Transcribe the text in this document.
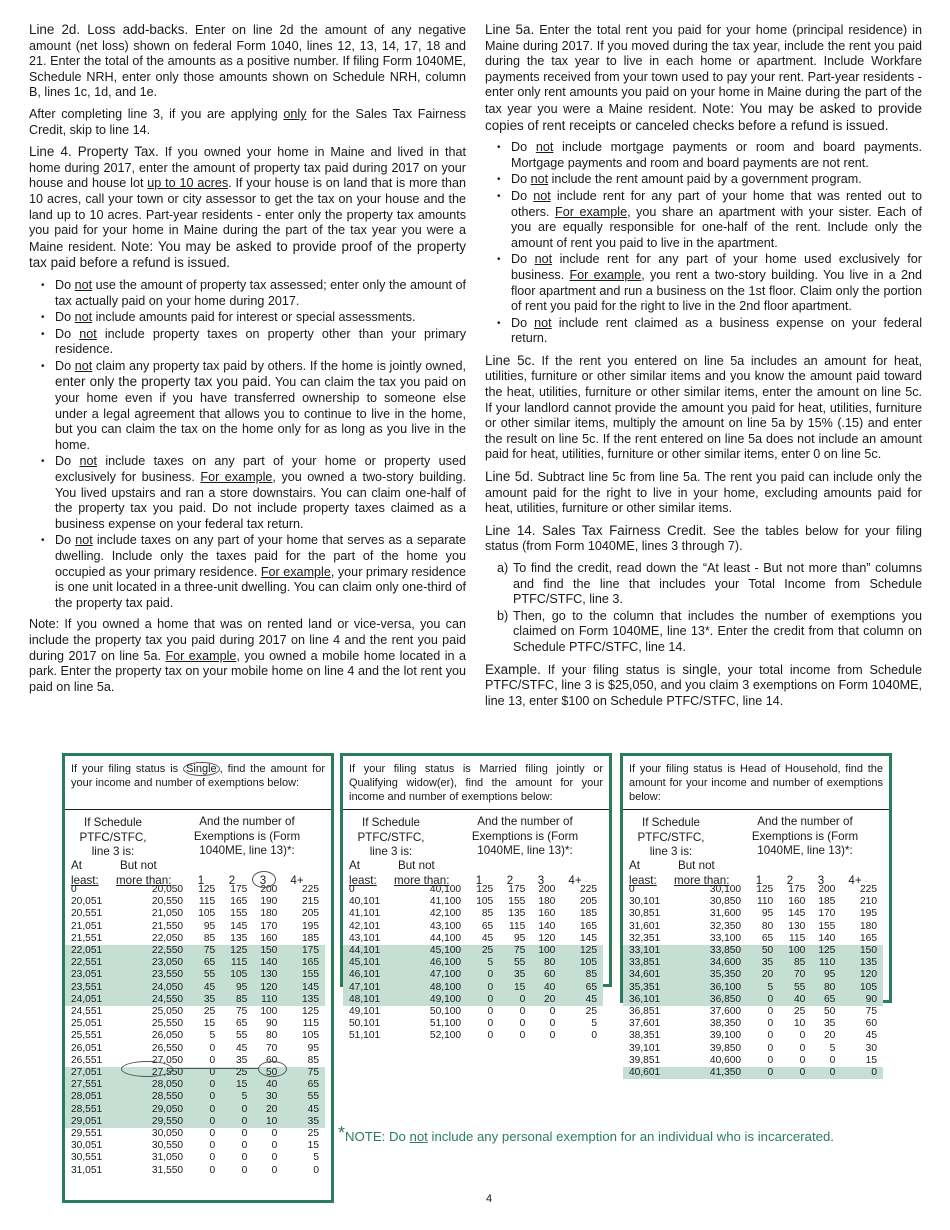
Line 2d. Loss add-backs. Enter on line 2d the amount of any negative amount (net loss) shown on federal Form 1040, lines 12, 13, 14, 17, 18 and 21. Enter the total of the amounts as a positive number. If filing Form 1040ME, Schedule NRH, enter only those amounts shown on Schedule NRH, column B, lines 1c, 1d, and 1e.

After completing line 3, if you are applying only for the Sales Tax Fairness Credit, skip to line 14.

Line 4. Property Tax. If you owned your home in Maine and lived in that home during 2017, enter the amount of property tax paid during 2017 on your house and house lot up to 10 acres. If your house is on land that is more than 10 acres, call your town or city assessor to get the tax on your house and the land up to 10 acres. Part-year residents - enter only the property tax amounts you paid for your home in Maine during the part of the tax year you were a Maine resident. Note: You may be asked to provide proof of the property tax paid before a refund is issued.

• Do not use the amount of property tax assessed; enter only the amount of tax actually paid on your home during 2017.
• Do not include amounts paid for interest or special assessments.
• Do not include property taxes on property other than your primary residence.
• Do not claim any property tax paid by others. If the home is jointly owned, enter only the property tax you paid. You can claim the tax you paid on your home even if you have transferred ownership to someone else under a legal agreement that allows you to continue to live in the home, but you can claim the tax on the home only for as long as you live in the home.
• Do not include taxes on any part of your home or property used exclusively for business. For example, you owned a two-story building. You lived upstairs and ran a store downstairs. You can claim one-half of the property tax you paid. Do not include property taxes claimed as a business expense on your federal tax return.
• Do not include taxes on any part of your home that serves as a separate dwelling. Include only the taxes paid for the part of the home you occupied as your primary residence. For example, your primary residence is one unit located in a three-unit dwelling. You can claim only one-third of the property tax paid.

Note: If you owned a home that was on rented land or vice-versa, you can include the property tax you paid during 2017 on line 4 and the rent you paid during 2017 on line 5a. For example, you owned a mobile home located in a park. Enter the property tax on your mobile home on line 4 and the lot rent you paid on line 5a.

Line 5a. Enter the total rent you paid for your home (principal residence) in Maine during 2017. If you moved during the tax year, include the rent you paid during the tax year to live in each home or apartment. Include Workfare payments received from your town used to pay your rent. Part-year residents - enter only rent amounts you paid on your home in Maine during the part of the tax year you were a Maine resident. Note: You may be asked to provide copies of rent receipts or canceled checks before a refund is issued.

• Do not include mortgage payments or room and board payments. Mortgage payments and room and board payments are not rent.
• Do not include the rent amount paid by a government program.
• Do not include rent for any part of your home that was rented out to others. For example, you share an apartment with your sister. Each of you are equally responsible for one-half of the rent. Include only the amount of rent you paid to live in the apartment.
• Do not include rent for any part of your home used exclusively for business. For example, you rent a two-story building. You live in a 2nd floor apartment and run a business on the 1st floor. Claim only the portion of rent you paid for the right to live in the 2nd floor apartment.
• Do not include rent claimed as a business expense on your federal return.

Line 5c. If the rent you entered on line 5a includes an amount for heat, utilities, furniture or other similar items and you know the amount paid toward the heat, utilities, furniture or other similar items, enter the amount on line 5c. If your landlord cannot provide the amount you paid for heat, utilities, furniture or other similar items, multiply the amount on line 5a by 15% (.15) and enter the result on line 5c. If the rent entered on line 5a does not include an amount paid for heat, utilities, furniture or other similar items, enter 0 on line 5c.

Line 5d. Subtract line 5c from line 5a. The rent you paid can include only the amount paid for the right to live in your home, excluding amounts paid for heat, utilities, furniture or other similar items.

Line 14. Sales Tax Fairness Credit. See the tables below for your filing status (from Form 1040ME, lines 3 through 7).

a) To find the credit, read down the “At least - But not more than” columns and find the line that includes your Total Income from Schedule PTFC/STFC, line 3.
b) Then, go to the column that includes the number of exemptions you claimed on Form 1040ME, line 13*. Enter the credit from that column on Schedule PTFC/STFC, line 14.

Example. If your filing status is single, your total income from Schedule PTFC/STFC, line 3 is $25,050, and you claim 3 exemptions on Form 1040ME, line 13, enter $100 on Schedule PTFC/STFC, line 14.

If your filing status is Single , find the amount for your income and number of exemptions below:
If Schedule
PTFC/STFC,
line 3 is:
And the number of
Exemptions is (Form
1040ME, line 13)*:
At
least:
But not
more than:	1	2	3	4+
0	20,050	125	175	200	225
20,051	20,550	115	165	190	215
20,551	21,050	105	155	180	205
21,051	21,550	95	145	170	195
21,551	22,050	85	135	160	185
22,051	22,550	75	125	150	175
22,551	23,050	65	115	140	165
23,051	23,550	55	105	130	155
23,551	24,050	45	95	120	145
24,051	24,550	35	85	110	135
24,551	25,050	25	75	100	125
25,051	25,550	15	65	90	115
25,551	26,050	5	55	80	105
26,051	26,550	0	45	70	95
26,551	27,050	0	35	60	85
27,051	27,550	0	25	50	75
27,551	28,050	0	15	40	65
28,051	28,550	0	5	30	55
28,551	29,050	0	0	20	45
29,051	29,550	0	0	10	35
29,551	30,050	0	0	0	25
30,051	30,550	0	0	0	15
30,551	31,050	0	0	0	5
31,051	31,550	0	0	0	0
If your filing status is Married filing jointly or Qualifying widow(er), find the amount for your income and number of exemptions below:
If Schedule
PTFC/STFC,
line 3 is:
And the number of
Exemptions is (Form
1040ME, line 13)*:
At
least:
But not
more than:	1	2	3	4+
0	40,100	125	175	200	225
40,101	41,100	105	155	180	205
41,101	42,100	85	135	160	185
42,101	43,100	65	115	140	165
43,101	44,100	45	95	120	145
44,101	45,100	25	75	100	125
45,101	46,100	5	55	80	105
46,101	47,100	0	35	60	85
47,101	48,100	0	15	40	65
48,101	49,100	0	0	20	45
49,101	50,100	0	0	0	25
50,101	51,100	0	0	0	5
51,101	52,100	0	0	0	0
If your filing status is Head of Household, find the amount for your income and number of exemptions below:
If Schedule
PTFC/STFC,
line 3 is:
And the number of
Exemptions is (Form
1040ME, line 13)*:
At
least:
But not
more than:	1	2	3	4+
0	30,100	125	175	200	225
30,101	30,850	110	160	185	210
30,851	31,600	95	145	170	195
31,601	32,350	80	130	155	180
32,351	33,100	65	115	140	165
33,101	33,850	50	100	125	150
33,851	34,600	35	85	110	135
34,601	35,350	20	70	95	120
35,351	36,100	5	55	80	105
36,101	36,850	0	40	65	90
36,851	37,600	0	25	50	75
37,601	38,350	0	10	35	60
38,351	39,100	0	0	20	45
39,101	39,850	0	0	5	30
39,851	40,600	0	0	0	15
40,601	41,350	0	0	0	0
*NOTE: Do not include any personal exemption for an individual who is incarcerated.
4
